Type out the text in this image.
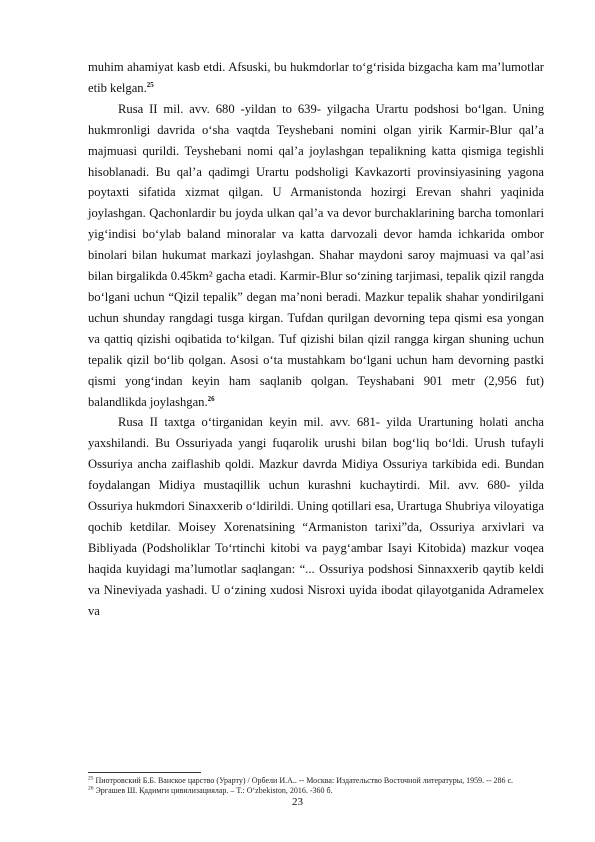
muhim ahamiyat kasb etdi. Afsuski, bu hukmdorlar to‘g‘risida bizgacha kam ma’lumotlar etib kelgan.$^{25}$

Rusa II mil. avv. 680 -yildan to 639- yilgacha Urartu podshosi bo‘lgan. Uning hukmronligi davrida o‘sha vaqtda Teyshebani nomini olgan yirik Karmir-Blur qal’a majmuasi qurildi. Teyshebani nomi qal’a joylashgan tepalikning katta qismiga tegishli hisoblanadi. Bu qal’a qadimgi Urartu podsholigi Kavkazorti provinsiyasining yagona poytaxti sifatida xizmat qilgan. U Armanistonda hozirgi Erevan shahri yaqinida joylashgan. Qachonlardir bu joyda ulkan qal’a va devor burchaklarining barcha tomonlari yig‘indisi bo‘ylab baland minoralar va katta darvozali devor hamda ichkarida ombor binolari bilan hukumat markazi joylashgan. Shahar maydoni saroy majmuasi va qal’asi bilan birgalikda 0.45km² gacha etadi. Karmir-Blur so‘zining tarjimasi, tepalik qizil rangda bo‘lgani uchun “Qizil tepalik” degan ma’noni beradi. Mazkur tepalik shahar yondirilgani uchun shunday rangdagi tusga kirgan. Tufdan qurilgan devorning tepa qismi esa yongan va qattiq qizishi oqibatida to‘kilgan. Tuf qizishi bilan qizil rangga kirgan shuning uchun tepalik qizil bo‘lib qolgan. Asosi o‘ta mustahkam bo‘lgani uchun ham devorning pastki qismi yong‘indan keyin ham saqlanib qolgan. Teyshabani 901 metr (2,956 fut) balandlikda joylashgan.$^{26}$

Rusa II taxtga o‘tirganidan keyin mil. avv. 681- yilda Urartuning holati ancha yaxshilandi. Bu Ossuriyada yangi fuqarolik urushi bilan bog‘liq bo‘ldi. Urush tufayli Ossuriya ancha zaiflashib qoldi. Mazkur davrda Midiya Ossuriya tarkibida edi. Bundan foydalangan Midiya mustaqillik uchun kurashni kuchaytirdi. Mil. avv. 680- yilda Ossuriya hukmdori Sinaxxerib o‘ldirildi. Uning qotillari esa, Urartuga Shubriya viloyatiga qochib ketdilar. Moisey Xorenatsining “Armaniston tarixi”da, Ossuriya arxivlari va Bibliyada (Podsholiklar To‘rtinchi kitobi va payg‘ambar Isayi Kitobida) mazkur voqea haqida kuyidagi ma’lumotlar saqlangan: “... Ossuriya podshosi Sinnaxxerib qaytib keldi va Nineviyada yashadi. U o‘zining xudosi Nisroxi uyida ibodat qilayotganida Adramelex va

$^{25}$ Пиотровский Б.Б. Ванское царство (Урарту) / Орбели И.А.. -- Москва: Издательство Восточной литературы, 1959. -- 286 с.
$^{26}$ Эргашев Ш. Қадимги цивилизациялар. – Т.: O‘zbekiston, 2016. -360 б.
23
